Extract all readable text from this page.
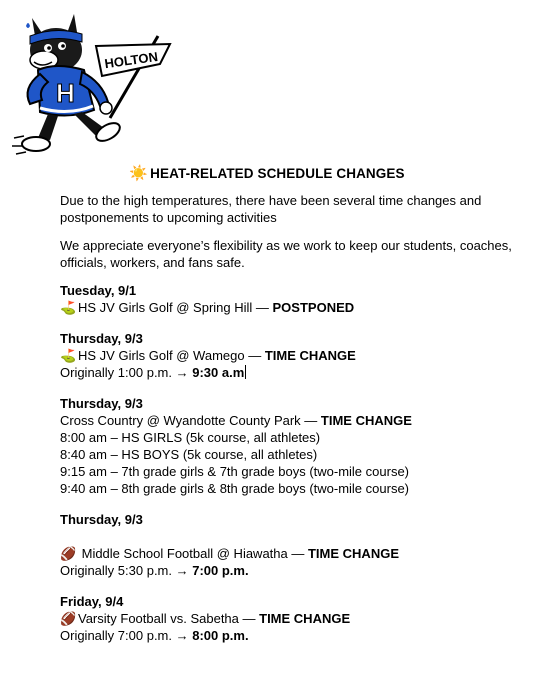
HOLTON
H
☀️ HEAT-RELATED SCHEDULE CHANGES

Due to the high temperatures, there have been several time changes and postponements to upcoming activities

We appreciate everyone’s flexibility as we work to keep our students, coaches, officials, workers, and fans safe.

Tuesday, 9/1
⛳ HS JV Girls Golf @ Spring Hill — POSTPONED
Thursday, 9/3
⛳ HS JV Girls Golf @ Wamego — TIME CHANGE
Originally 1:00 p.m. → 9:30 a.m
Thursday, 9/3
Cross Country @ Wyandotte County Park — TIME CHANGE
8:00 am – HS GIRLS (5k course, all athletes)
8:40 am – HS BOYS (5k course, all athletes)
9:15 am – 7th grade girls & 7th grade boys (two-mile course)
9:40 am – 8th grade girls & 8th grade boys (two-mile course)
Thursday, 9/3
🏈 Middle School Football @ Hiawatha — TIME CHANGE
Originally 5:30 p.m. → 7:00 p.m.
Friday, 9/4
🏈 Varsity Football vs. Sabetha — TIME CHANGE
Originally 7:00 p.m. → 8:00 p.m.
